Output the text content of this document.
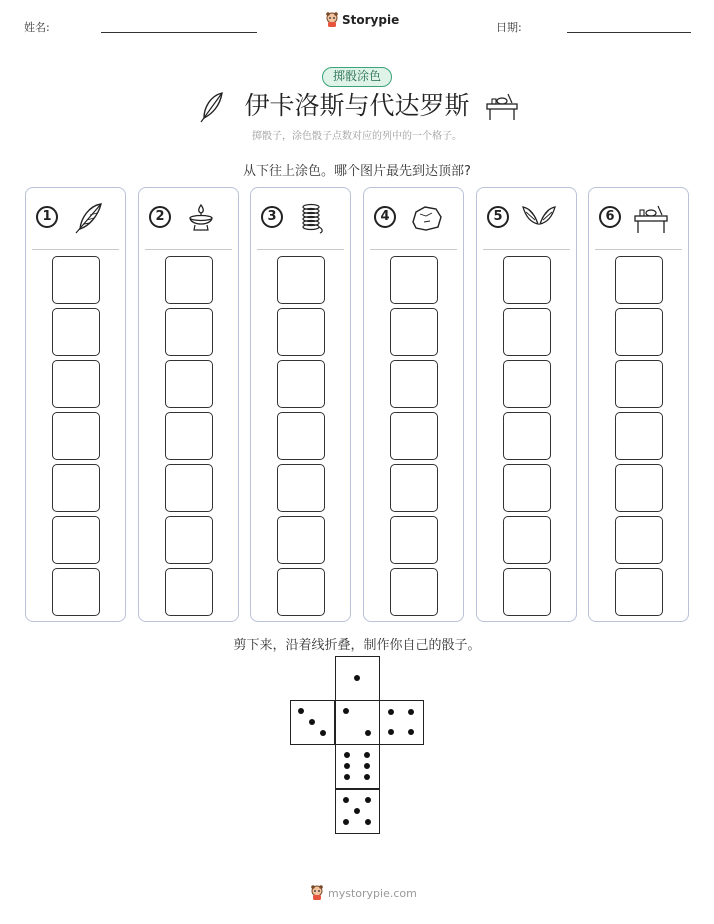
姓名:
Storypie
日期:
掷骰涂色
伊卡洛斯与代达罗斯
掷骰子，涂色骰子点数对应的列中的一个格子。
从下往上涂色。哪个图片最先到达顶部?
1	2	3	4	5	6
剪下来，沿着线折叠，制作你自己的骰子。
mystorypie.com
